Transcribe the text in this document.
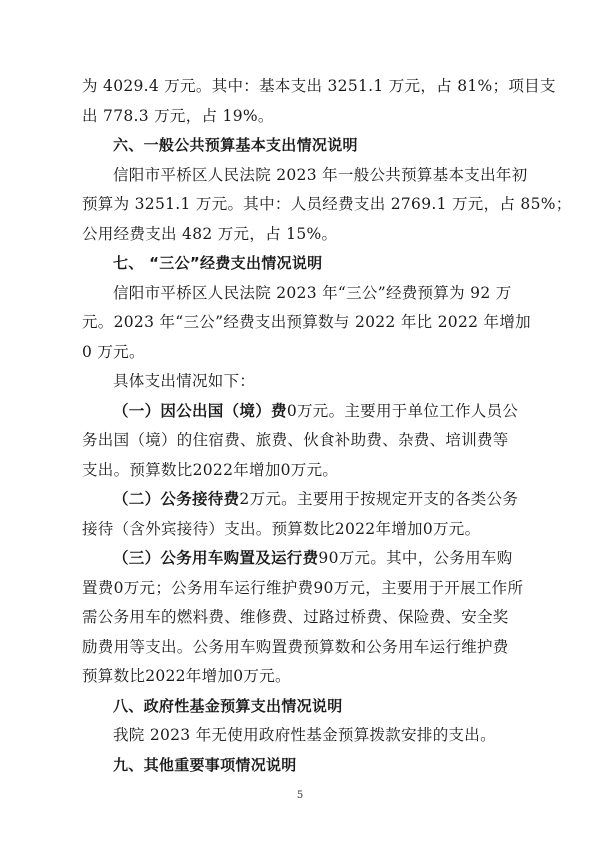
为 4029.4 万元。其中：基本支出 3251.1 万元，占 81%；项目支
出 778.3 万元，占 19%。
六、一般公共预算基本支出情况说明
信阳市平桥区人民法院 2023 年一般公共预算基本支出年初
预算为 3251.1 万元。其中：人员经费支出 2769.1 万元，占 85%；
公用经费支出 482 万元，占 15%。
七、 “三公”经费支出情况说明
信阳市平桥区人民法院 2023 年“三公”经费预算为 92 万
元。2023 年“三公”经费支出预算数与 2022 年比 2022 年增加
0 万元。
具体支出情况如下：
（一）因公出国（境）费0万元。主要用于单位工作人员公
务出国（境）的住宿费、旅费、伙食补助费、杂费、培训费等
支出。预算数比2022年增加0万元。
（二）公务接待费2万元。主要用于按规定开支的各类公务
接待（含外宾接待）支出。预算数比2022年增加0万元。
（三）公务用车购置及运行费90万元。其中，公务用车购
置费0万元；公务用车运行维护费90万元，主要用于开展工作所
需公务用车的燃料费、维修费、过路过桥费、保险费、安全奖
励费用等支出。公务用车购置费预算数和公务用车运行维护费
预算数比2022年增加0万元。
八、政府性基金预算支出情况说明
我院 2023 年无使用政府性基金预算拨款安排的支出。
九、其他重要事项情况说明
5
